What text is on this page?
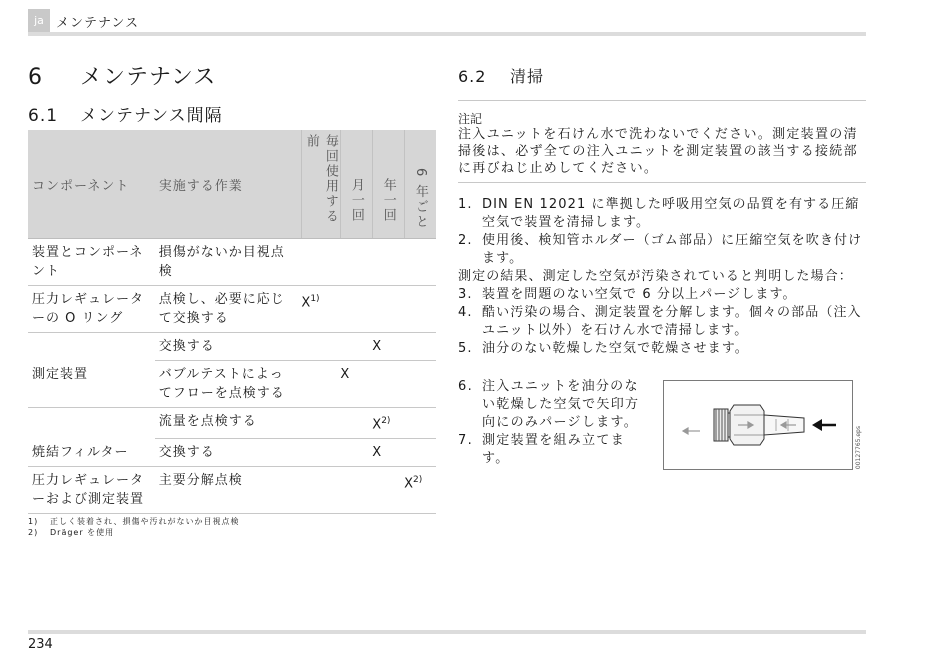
ja メンテナンス
6 メンテナンス
6.1 メンテナンス間隔
コンポーネント	実施する作業	毎回使用する前	月一回	年一回	6 年ごと

装置とコンポーネント	損傷がないか目視点検				
圧力レギュレーターの O リング	点検し、必要に応じて交換する	$X^{1)}$			
	交換する			X	
測定装置	バブルテストによってフローを点検する		X		
	流量を点検する			$X^{2)}$	
焼結フィルター	交換する			X	
圧力レギュレーターおよび測定装置	主要分解点検				$X^{2)}$
1) 正しく装着され、損傷や汚れがないか目視点検
2) Dräger を使用
6.2 清掃
注記
注入ユニットを石けん水で洗わないでください。測定装置の清掃後は、必ず全ての注入ユニットを測定装置の該当する接続部に再びねじ止めしてください。
1. DIN EN 12021 に準拠した呼吸用空気の品質を有する圧縮空気で装置を清掃します。
2. 使用後、検知管ホルダー（ゴム部品）に圧縮空気を吹き付けます。
測定の結果、測定した空気が汚染されていると判明した場合：
3. 装置を問題のない空気で 6 分以上パージします。
4. 酷い汚染の場合、測定装置を分解します。個々の部品（注入ユニット以外）を石けん水で清掃します。
5. 油分のない乾燥した空気で乾燥させます。
6. 注入ユニットを油分のない乾燥した空気で矢印方向にのみパージします。
7. 測定装置を組み立てます。	00127765.eps
234
